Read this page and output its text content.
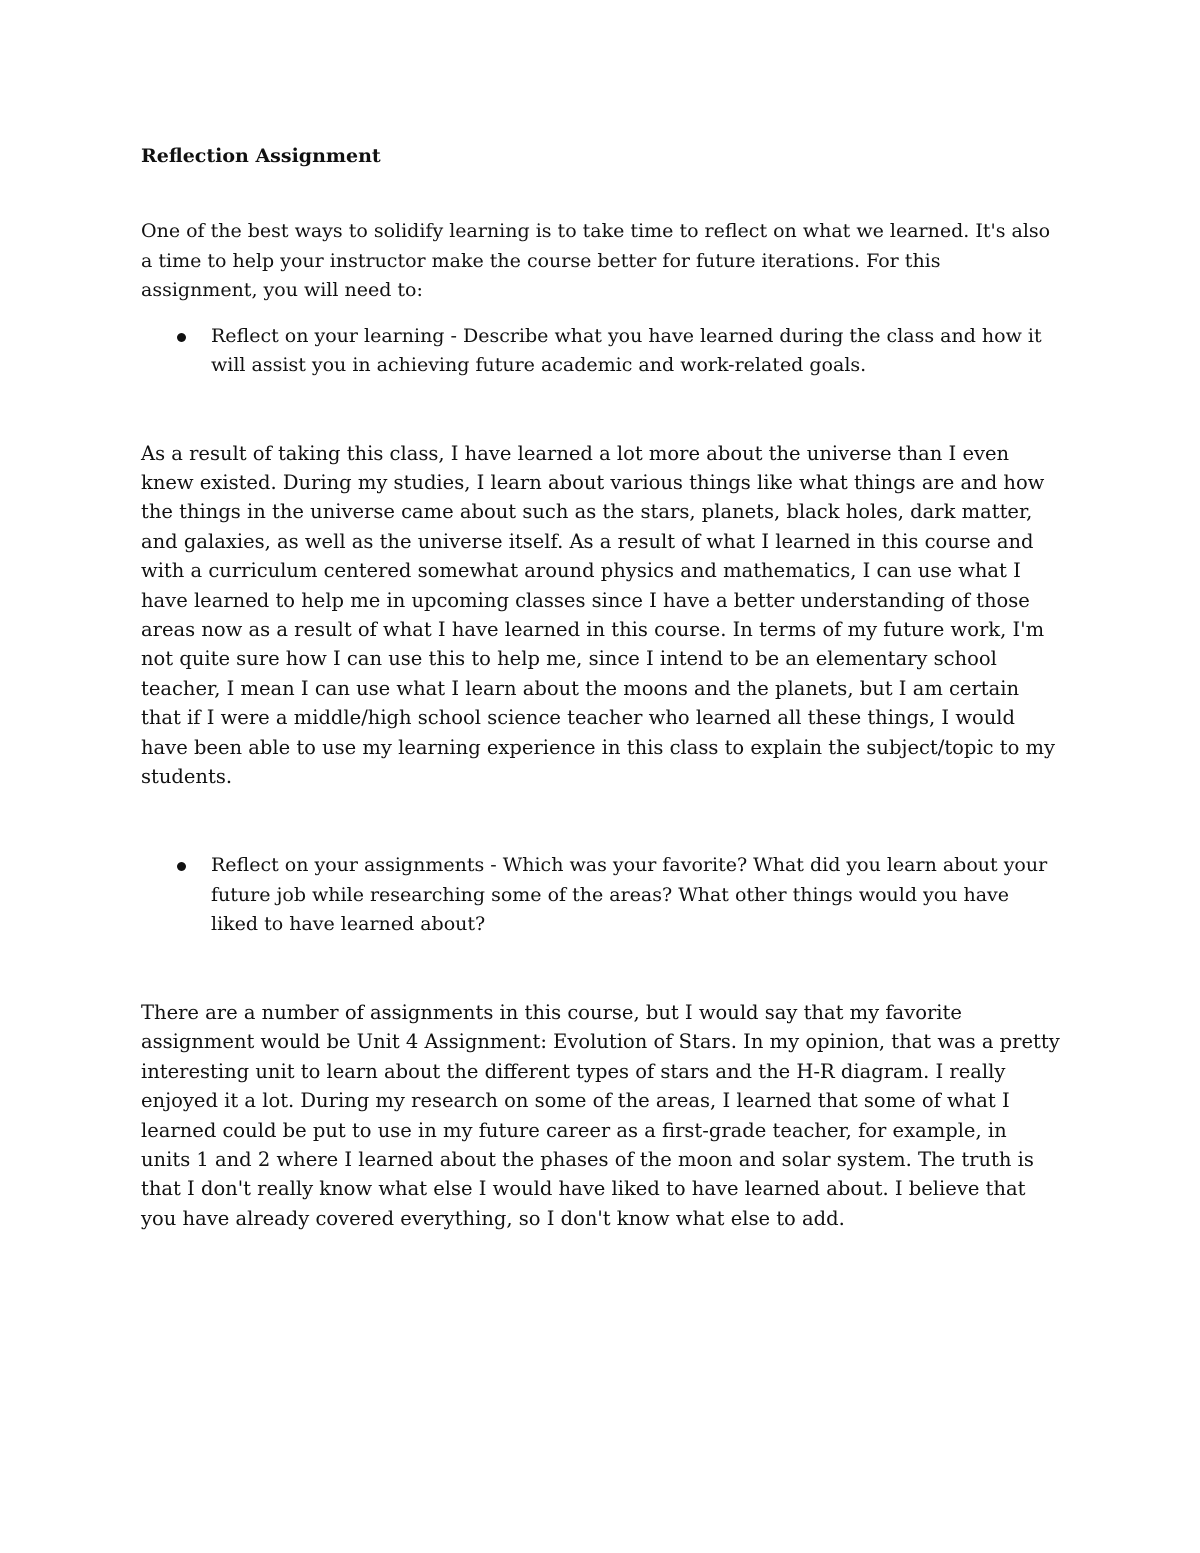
Reflection Assignment

One of the best ways to solidify learning is to take time to reflect on what we learned. It's also a time to help your instructor make the course better for future iterations. For this assignment, you will need to:

Reflect on your learning - Describe what you have learned during the class and how it will assist you in achieving future academic and work-related goals.

As a result of taking this class, I have learned a lot more about the universe than I even knew existed. During my studies, I learn about various things like what things are and how the things in the universe came about such as the stars, planets, black holes, dark matter, and galaxies, as well as the universe itself. As a result of what I learned in this course and with a curriculum centered somewhat around physics and mathematics, I can use what I have learned to help me in upcoming classes since I have a better understanding of those areas now as a result of what I have learned in this course. In terms of my future work, I'm not quite sure how I can use this to help me, since I intend to be an elementary school teacher, I mean I can use what I learn about the moons and the planets, but I am certain that if I were a middle/high school science teacher who learned all these things, I would have been able to use my learning experience in this class to explain the subject/topic to my students.

Reflect on your assignments - Which was your favorite? What did you learn about your future job while researching some of the areas? What other things would you have liked to have learned about?

There are a number of assignments in this course, but I would say that my favorite assignment would be Unit 4 Assignment: Evolution of Stars. In my opinion, that was a pretty interesting unit to learn about the different types of stars and the H-R diagram. I really enjoyed it a lot. During my research on some of the areas, I learned that some of what I learned could be put to use in my future career as a first-grade teacher, for example, in units 1 and 2 where I learned about the phases of the moon and solar system. The truth is that I don't really know what else I would have liked to have learned about. I believe that you have already covered everything, so I don't know what else to add.
